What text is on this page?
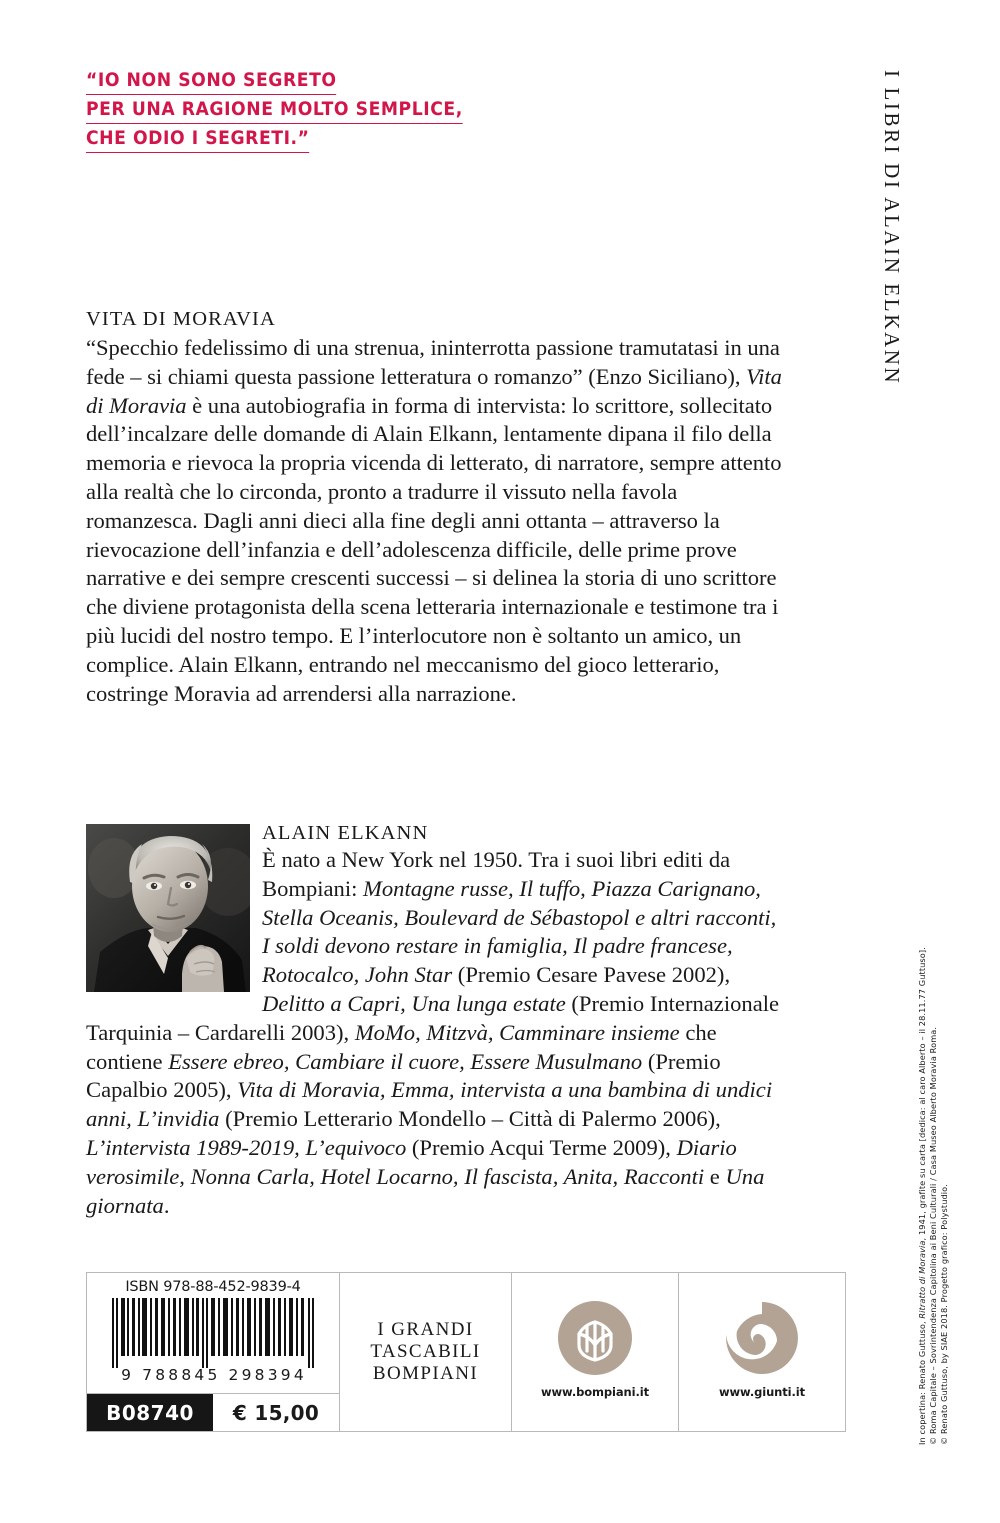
“IO NON SONO SEGRETO
PER UNA RAGIONE MOLTO SEMPLICE,
CHE ODIO I SEGRETI.”	I LIBRI DI ALAIN ELKANN
In copertina: Renato Guttuso, Ritratto di Moravia, 1941, grafite su carta [dedica: al caro Alberto – il 28.11.77 Guttuso]. © Roma Capitale – Sovrintendenza Capitolina ai Beni Culturali / Casa Museo Alberto Moravia Roma. © Renato Guttuso, by SIAE 2018. Progetto grafico: Polystudio.
VITA DI MORAVIA
“Specchio fedelissimo di una strenua, ininterrotta passione tramutatasi in una fede – si chiami questa passione letteratura o romanzo” (Enzo Siciliano), Vita di Moravia è una autobiografia in forma di intervista: lo scrittore, sollecitato dell’incalzare delle domande di Alain Elkann, lentamente dipana il filo della memoria e rievoca la propria vicenda di letterato, di narratore, sempre attento alla realtà che lo circonda, pronto a tradurre il vissuto nella favola romanzesca. Dagli anni dieci alla fine degli anni ottanta – attraverso la rievocazione dell’infanzia e dell’adolescenza difficile, delle prime prove narrative e dei sempre crescenti successi – si delinea la storia di uno scrittore che diviene protagonista della scena letteraria internazionale e testimone tra i più lucidi del nostro tempo. E l’interlocutore non è soltanto un amico, un complice. Alain Elkann, entrando nel meccanismo del gioco letterario, costringe Moravia ad arrendersi alla narrazione.
ALAIN ELKANN
È nato a New York nel 1950. Tra i suoi libri editi da Bompiani: Montagne russe, Il tuffo, Piazza Carignano, Stella Oceanis, Boulevard de Sébastopol e altri racconti, I soldi devono restare in famiglia, Il padre francese, Rotocalco, John Star (Premio Cesare Pavese 2002), Delitto a Capri, Una lunga estate (Premio Internazionale Tarquinia – Cardarelli 2003), MoMo, Mitzvà, Camminare insieme che contiene Essere ebreo, Cambiare il cuore, Essere Musulmano (Premio Capalbio 2005), Vita di Moravia, Emma, intervista a una bambina di undici anni, L’invidia (Premio Letterario Mondello – Città di Palermo 2006), L’intervista 1989-2019, L’equivoco (Premio Acqui Terme 2009), Diario verosimile, Nonna Carla, Hotel Locarno, Il fascista, Anita, Racconti e Una giornata.
ISBN 978-88-452-9839-4
9 7 8 8 8 4 5 2 9 8 3 9 4
B08740	€ 15,00
I GRANDI
TASCABILI
BOMPIANI
www.bompiani.it	www.giunti.it
